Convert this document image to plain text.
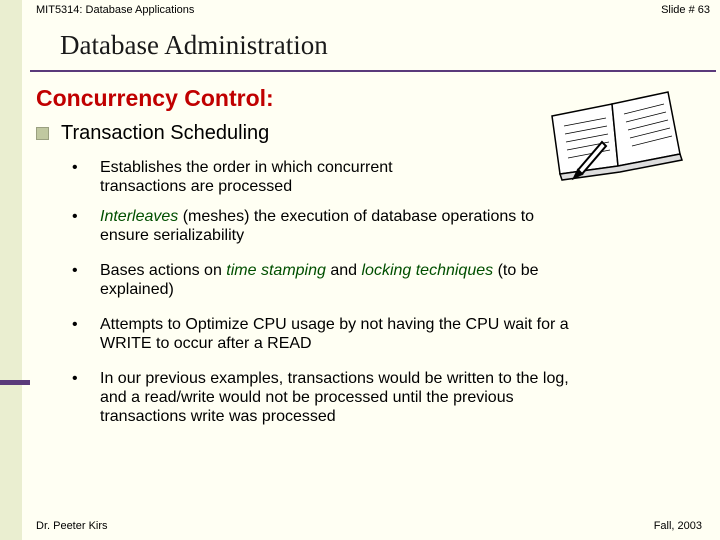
MIT5314: Database Applications	Slide # 63
Database Administration
Concurrency Control:
Transaction Scheduling
•	Establishes the order in which concurrent
transactions are processed
•	Interleaves (meshes) the execution of database operations to
ensure serializability
•	Bases actions on time stamping and locking techniques (to be
explained)
•	Attempts to Optimize CPU usage by not having the CPU wait for a
WRITE to occur after a READ
•	In our previous examples, transactions would be written to the log,
and a read/write would not be processed until the previous
transactions write was processed
Dr. Peeter Kirs	Fall, 2003
